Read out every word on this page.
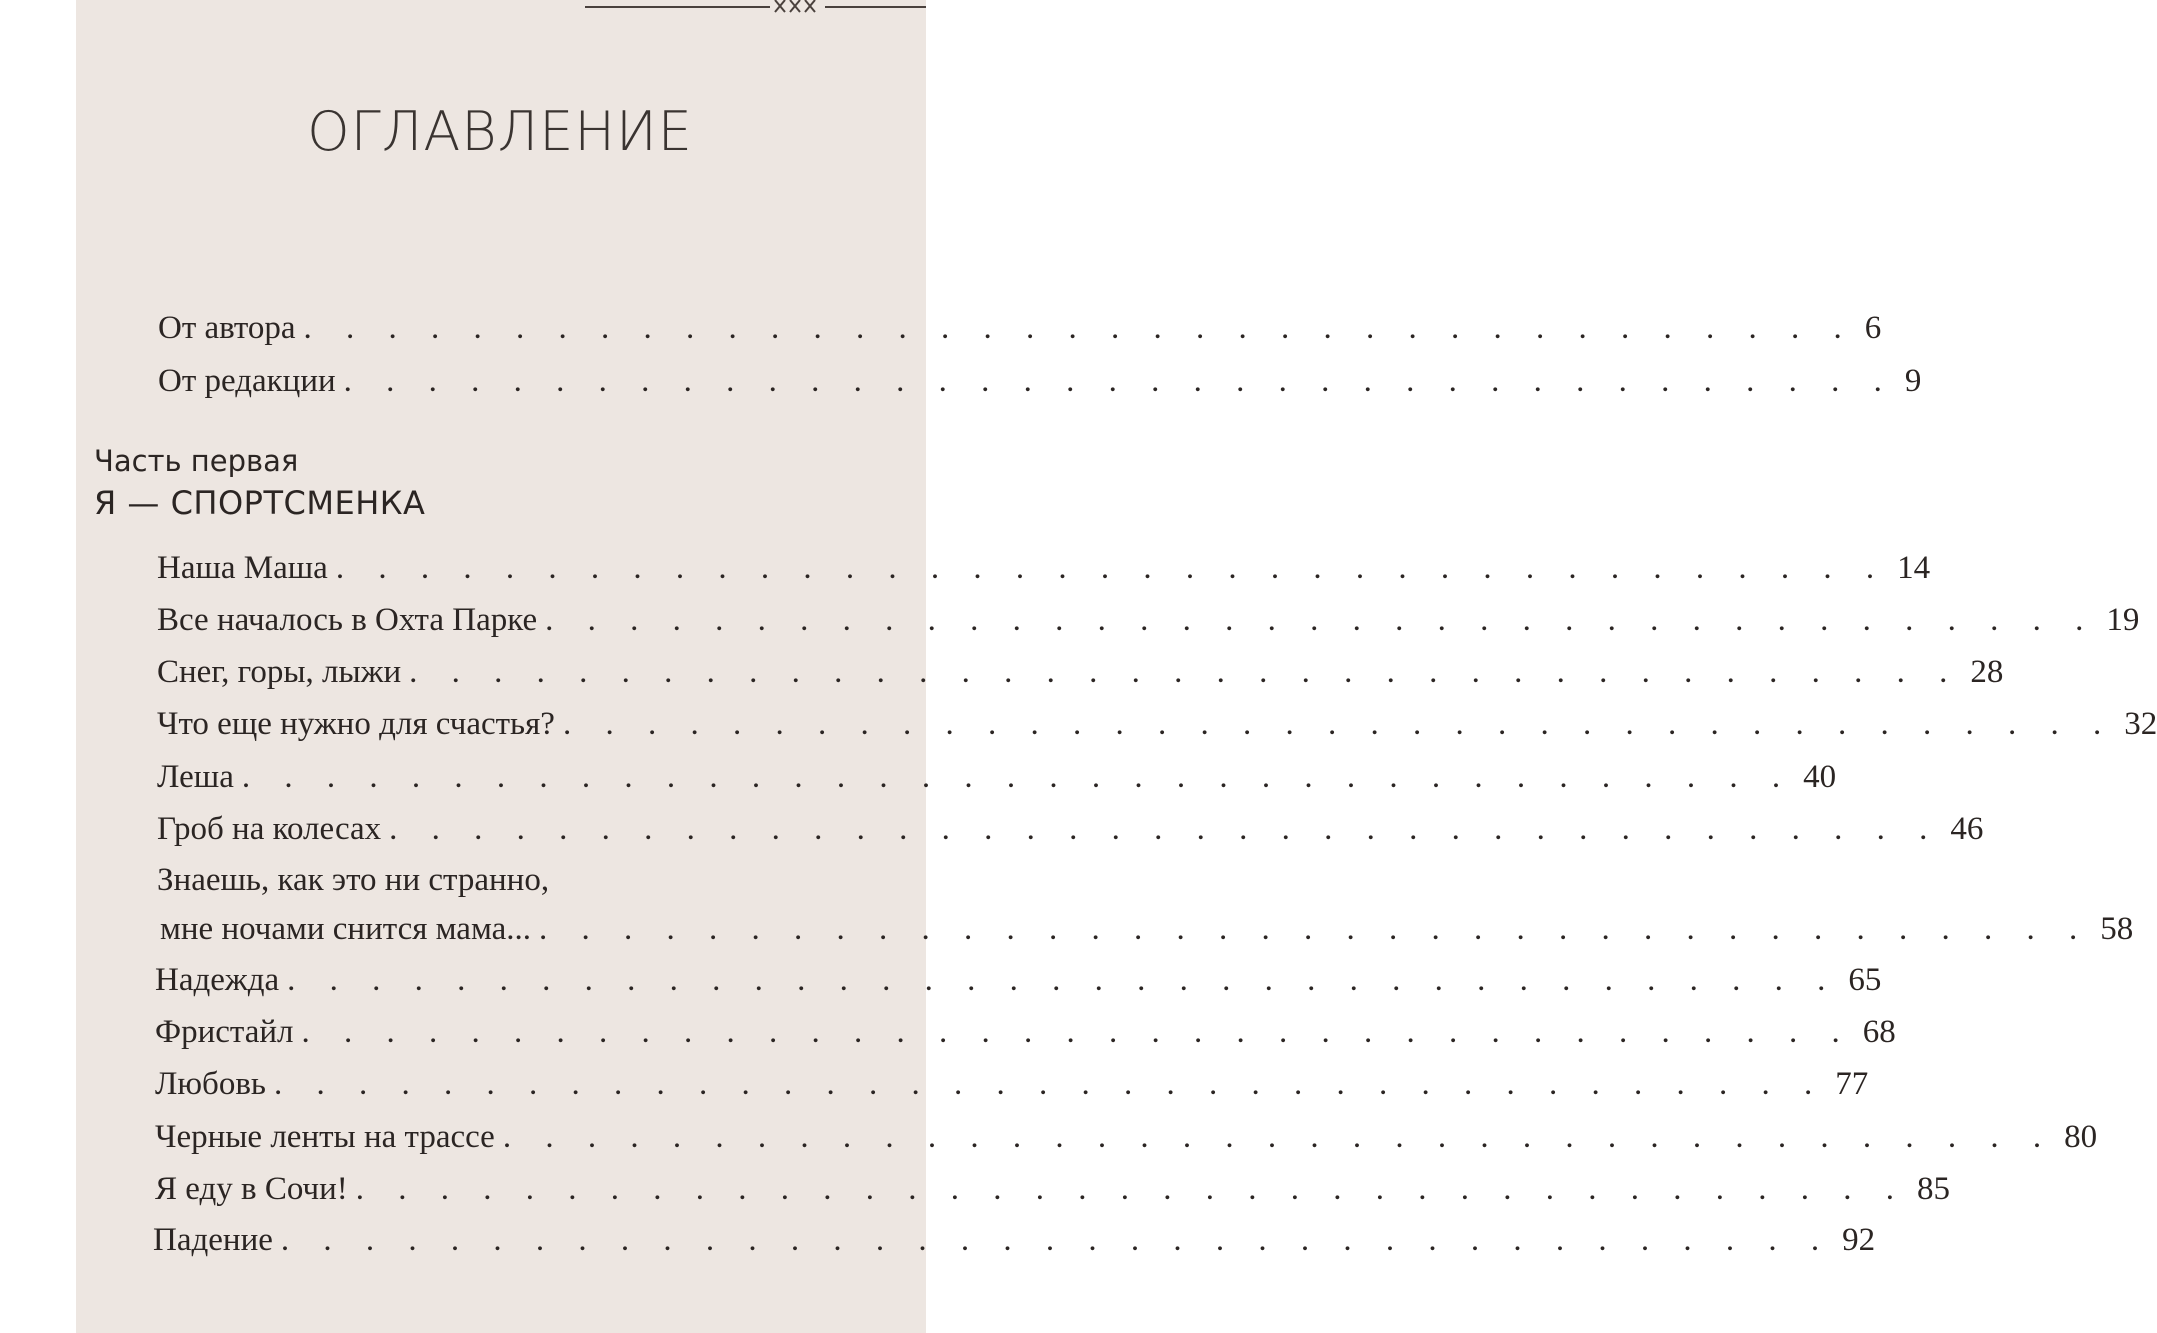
ОГЛАВЛЕНИЕ
От автора . . . . . . . . . . . . . . . . . . . . . . . . . . . . . . . . . . . . . 6
От редакции . . . . . . . . . . . . . . . . . . . . . . . . . . . . . . . . . . . . . 9
Часть первая
Я — СПОРТСМЕНКА
Наша Маша . . . . . . . . . . . . . . . . . . . . . . . . . . . . . . . . . . . . . 14
Все началось в Охта Парке . . . . . . . . . . . . . . . . . . . . . . . . . . . . . . . . . . . . . 19
Снег, горы, лыжи . . . . . . . . . . . . . . . . . . . . . . . . . . . . . . . . . . . . . 28
Что еще нужно для счастья? . . . . . . . . . . . . . . . . . . . . . . . . . . . . . . . . . . . . . 32
Леша . . . . . . . . . . . . . . . . . . . . . . . . . . . . . . . . . . . . . 40
Гроб на колесах . . . . . . . . . . . . . . . . . . . . . . . . . . . . . . . . . . . . . 46
Знаешь, как это ни странно,
мне ночами снится мама... . . . . . . . . . . . . . . . . . . . . . . . . . . . . . . . . . . . . . 58
Надежда . . . . . . . . . . . . . . . . . . . . . . . . . . . . . . . . . . . . . 65
Фристайл . . . . . . . . . . . . . . . . . . . . . . . . . . . . . . . . . . . . . 68
Любовь . . . . . . . . . . . . . . . . . . . . . . . . . . . . . . . . . . . . . 77
Черные ленты на трассе . . . . . . . . . . . . . . . . . . . . . . . . . . . . . . . . . . . . . 80
Я еду в Сочи! . . . . . . . . . . . . . . . . . . . . . . . . . . . . . . . . . . . . . 85
Падение . . . . . . . . . . . . . . . . . . . . . . . . . . . . . . . . . . . . . 92
